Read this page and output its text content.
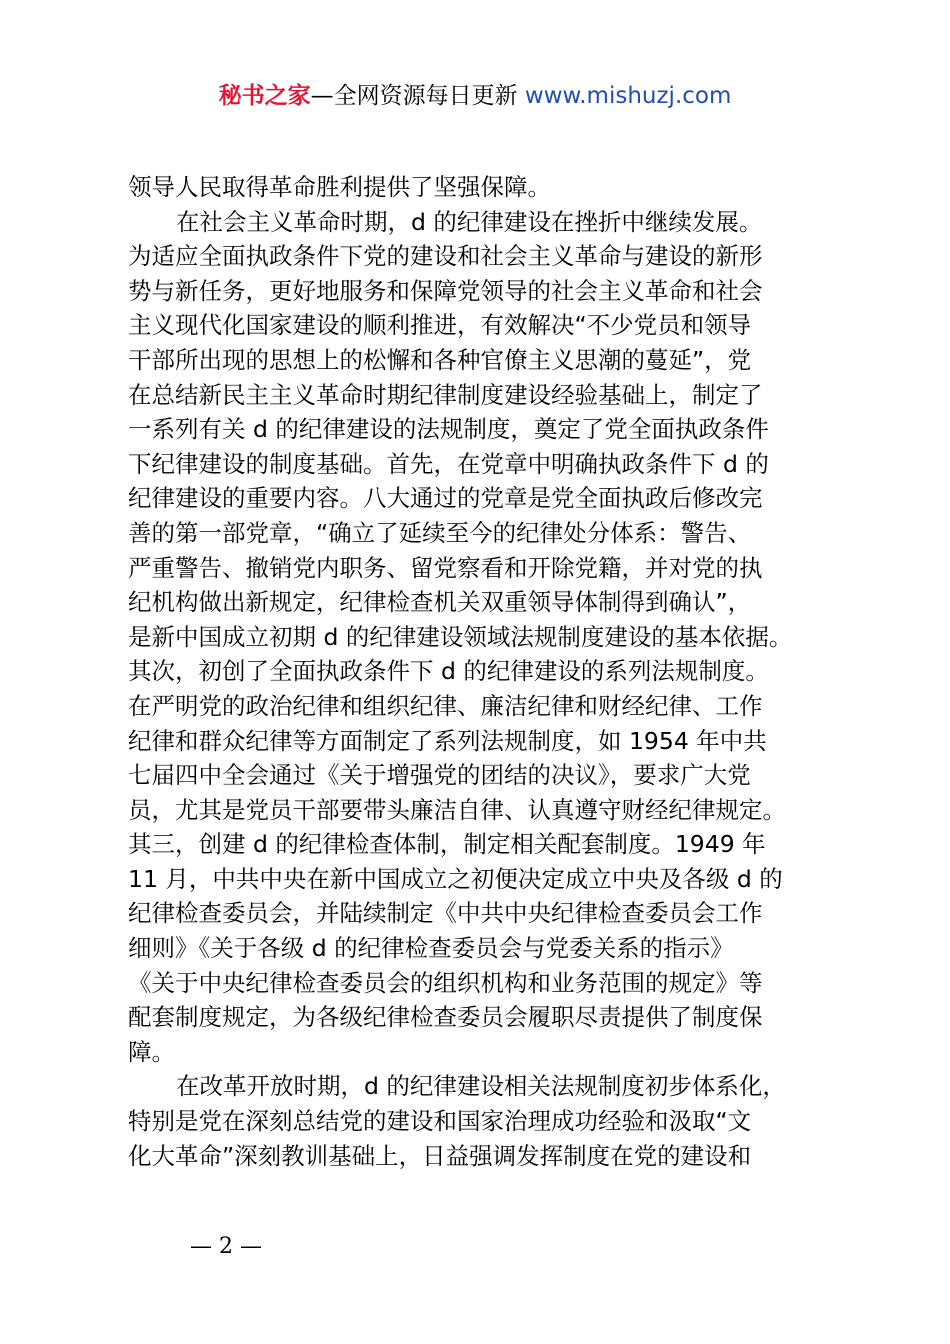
秘书之家—全网资源每日更新 www.mishuzj.com
领导人民取得革命胜利提供了坚强保障。
在社会主义革命时期，d 的纪律建设在挫折中继续发展。
为适应全面执政条件下党的建设和社会主义革命与建设的新形
势与新任务，更好地服务和保障党领导的社会主义革命和社会
主义现代化国家建设的顺利推进，有效解决“不少党员和领导
干部所出现的思想上的松懈和各种官僚主义思潮的蔓延”，党
在总结新民主主义革命时期纪律制度建设经验基础上，制定了
一系列有关 d 的纪律建设的法规制度，奠定了党全面执政条件
下纪律建设的制度基础。首先，在党章中明确执政条件下 d 的
纪律建设的重要内容。八大通过的党章是党全面执政后修改完
善的第一部党章，“确立了延续至今的纪律处分体系：警告、
严重警告、撤销党内职务、留党察看和开除党籍，并对党的执
纪机构做出新规定，纪律检查机关双重领导体制得到确认”，
是新中国成立初期 d 的纪律建设领域法规制度建设的基本依据。
其次，初创了全面执政条件下 d 的纪律建设的系列法规制度。
在严明党的政治纪律和组织纪律、廉洁纪律和财经纪律、工作
纪律和群众纪律等方面制定了系列法规制度，如 1954 年中共
七届四中全会通过《关于增强党的团结的决议》，要求广大党
员，尤其是党员干部要带头廉洁自律、认真遵守财经纪律规定。
其三，创建 d 的纪律检查体制，制定相关配套制度。1949 年
11 月，中共中央在新中国成立之初便决定成立中央及各级 d 的
纪律检查委员会，并陆续制定《中共中央纪律检查委员会工作
细则》《关于各级 d 的纪律检查委员会与党委关系的指示》
《关于中央纪律检查委员会的组织机构和业务范围的规定》等
配套制度规定，为各级纪律检查委员会履职尽责提供了制度保
障。
在改革开放时期，d 的纪律建设相关法规制度初步体系化，
特别是党在深刻总结党的建设和国家治理成功经验和汲取“文
化大革命”深刻教训基础上，日益强调发挥制度在党的建设和
— 2 —
